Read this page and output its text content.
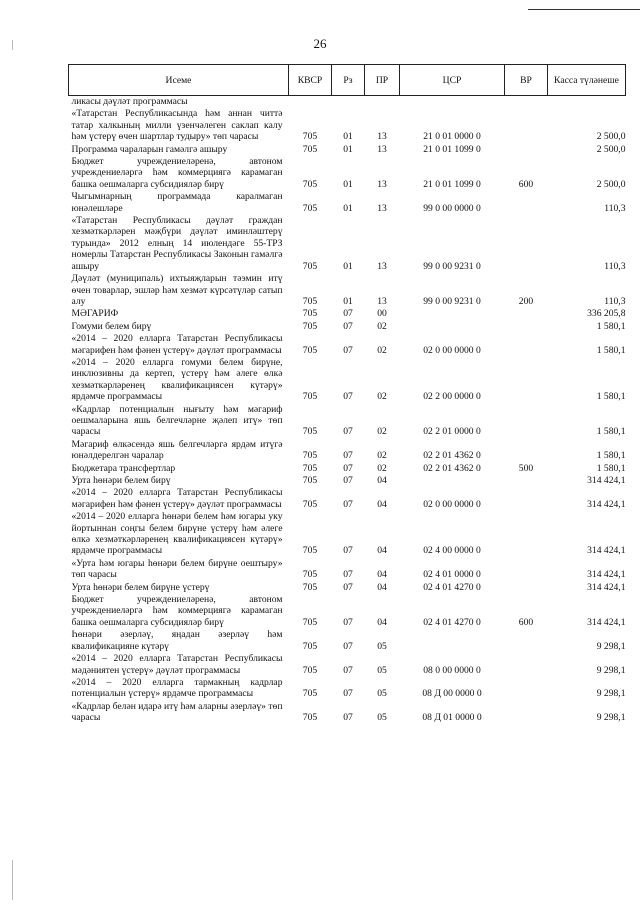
26
Исеме	КВСР	Рз	ПР	ЦСР	ВР	Касса түләнеше
ликасы дәүләт программасы						
«Татарстан Республикасында һәм аннан читтә татар халкының милли үзенчәлеген саклап калу һәм үстерү өчен шартлар тудыру» төп чарасы	705	01	13	21 0 01 0000 0		2 500,0
Программа чараларын гамәлгә ашыру	705	01	13	21 0 01 1099 0		2 500,0
Бюджет учреждениеләренә, автоном учреждениеләргә һәм коммерциягә карамаган башка оешмаларга субсидияләр бирү	705	01	13	21 0 01 1099 0	600	2 500,0
Чыгымнарның программада каралмаган юнәлешләре	705	01	13	99 0 00 0000 0		110,3
«Татарстан Республикасы дәүләт граждан хезмәткәрләрен мәҗбүри дәүләт иминләштерү турында» 2012 елның 14 июлендәге 55-ТРЗ номерлы Татарстан Республикасы Законын гамәлгә ашыру	705	01	13	99 0 00 9231 0		110,3
Дәүләт (муниципаль) ихтыяҗларын тәэмин итү өчен товарлар, эшләр һәм хезмәт күрсәтүләр сатып алу	705	01	13	99 0 00 9231 0	200	110,3
МӘГАРИФ	705	07	00			336 205,8
Гомуми белем бирү	705	07	02			1 580,1
«2014 – 2020 елларга Татарстан Республикасы мәгарифен һәм фәнен үстерү» дәүләт программасы	705	07	02	02 0 00 0000 0		1 580,1
«2014 – 2020 елларга гомуми белем бирүне, инклюзивны да кертеп, үстерү һәм әлеге өлкә хезмәткәрләренең квалификациясен күтәрү» ярдәмче программасы	705	07	02	02 2 00 0000 0		1 580,1
«Кадрлар потенциалын нығыту һәм мәгариф оешмаларына яшь белгечләрне җәлеп итү» төп чарасы	705	07	02	02 2 01 0000 0		1 580,1
Мәгариф өлкәсендә яшь белгечләргә ярдәм итүгә юнәлдерелгән чаралар	705	07	02	02 2 01 4362 0		1 580,1
Бюджетара трансфертлар	705	07	02	02 2 01 4362 0	500	1 580,1
Урта һөнәри белем бирү	705	07	04			314 424,1
«2014 – 2020 елларга Татарстан Республикасы мәгарифен һәм фәнен үстерү» дәүләт программасы	705	07	04	02 0 00 0000 0		314 424,1
«2014 – 2020 елларга һөнәри белем һәм югары уку йортыннан соңгы белем бирүне үстерү һәм әлеге өлкә хезмәткәрләренең квалификациясен күтәрү» ярдәмче программасы	705	07	04	02 4 00 0000 0		314 424,1
«Урта һәм югары һөнәри белем бирүне оештыру» төп чарасы	705	07	04	02 4 01 0000 0		314 424,1
Урта һөнәри белем бирүне үстерү	705	07	04	02 4 01 4270 0		314 424,1
Бюджет учреждениеләренә, автоном учреждениеләргә һәм коммерциягә карамаган башка оешмаларга субсидияләр бирү	705	07	04	02 4 01 4270 0	600	314 424,1
Һөнәри әзерләү, яңадан әзерләү һәм квалификацияне күтәрү	705	07	05			9 298,1
«2014 – 2020 елларга Татарстан Республикасы мәдәниятен үстерү» дәүләт программасы	705	07	05	08 0 00 0000 0		9 298,1
«2014 – 2020 елларга тармакның кадрлар потенциалын үстерү» ярдәмче программасы	705	07	05	08 Д 00 0000 0		9 298,1
«Кадрлар белән идарә итү һәм аларны әзерләү» төп чарасы	705	07	05	08 Д 01 0000 0		9 298,1
